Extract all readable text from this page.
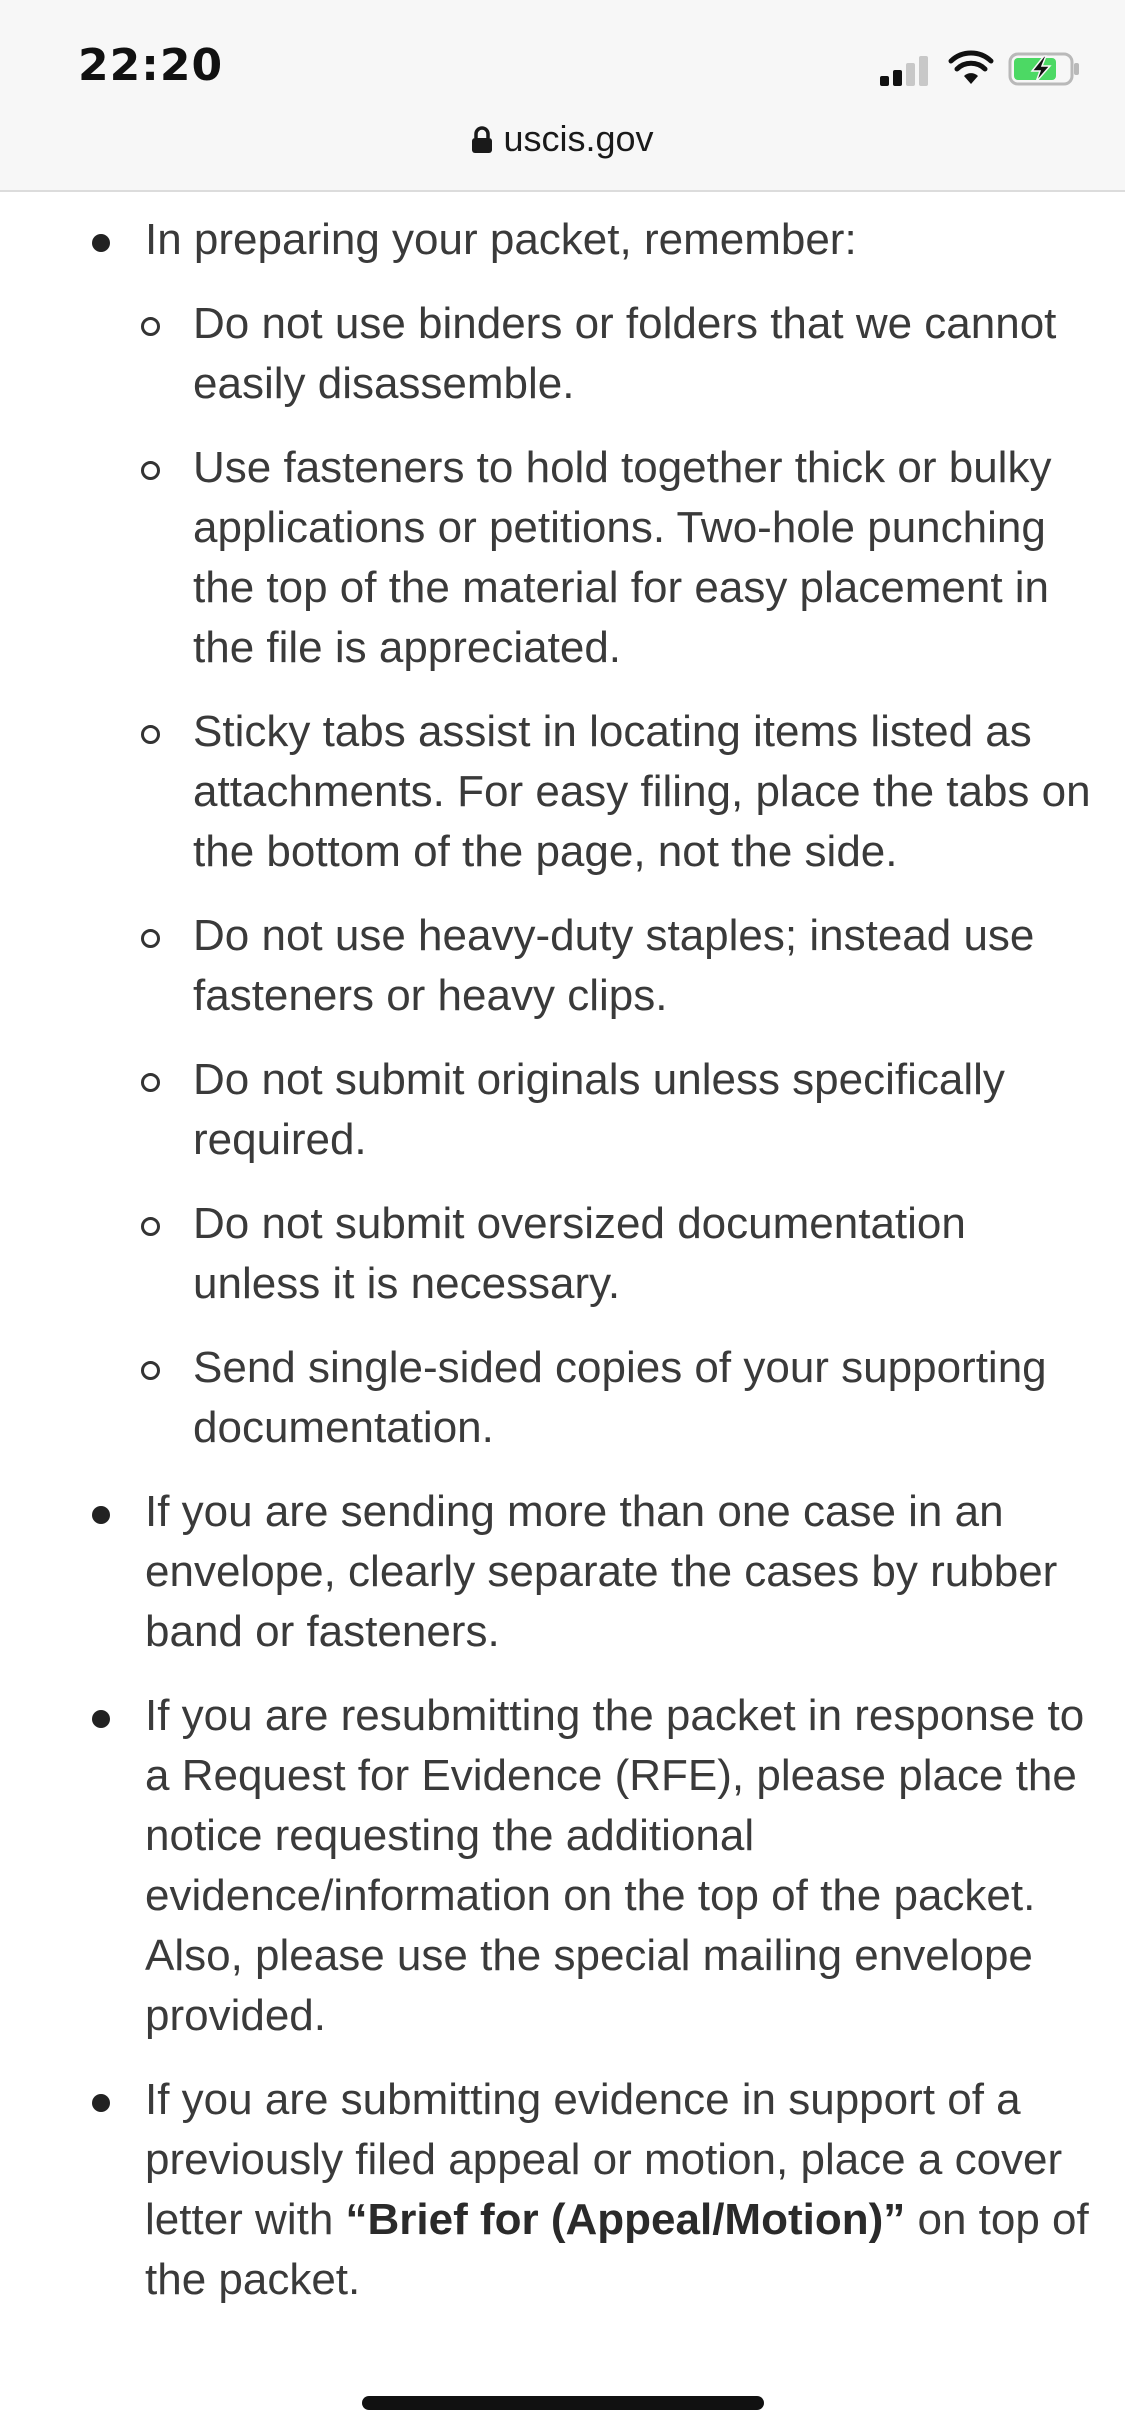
22:20
uscis.gov
In preparing your packet, remember:
Do not use binders or folders that we cannot easily disassemble.
Use fasteners to hold together thick or bulky applications or petitions. Two-hole punching the top of the material for easy placement in the file is appreciated.
Sticky tabs assist in locating items listed as attachments. For easy filing, place the tabs on the bottom of the page, not the side.
Do not use heavy-duty staples; instead use fasteners or heavy clips.
Do not submit originals unless specifically required.
Do not submit oversized documentation unless it is necessary.
Send single-sided copies of your supporting documentation.
If you are sending more than one case in an envelope, clearly separate the cases by rubber band or fasteners.
If you are resubmitting the packet in response to a Request for Evidence (RFE), please place the notice requesting the additional evidence/information on the top of the packet. Also, please use the special mailing envelope provided.
If you are submitting evidence in support of a previously filed appeal or motion, place a cover letter with “Brief for (Appeal/Motion)” on top of the packet.
